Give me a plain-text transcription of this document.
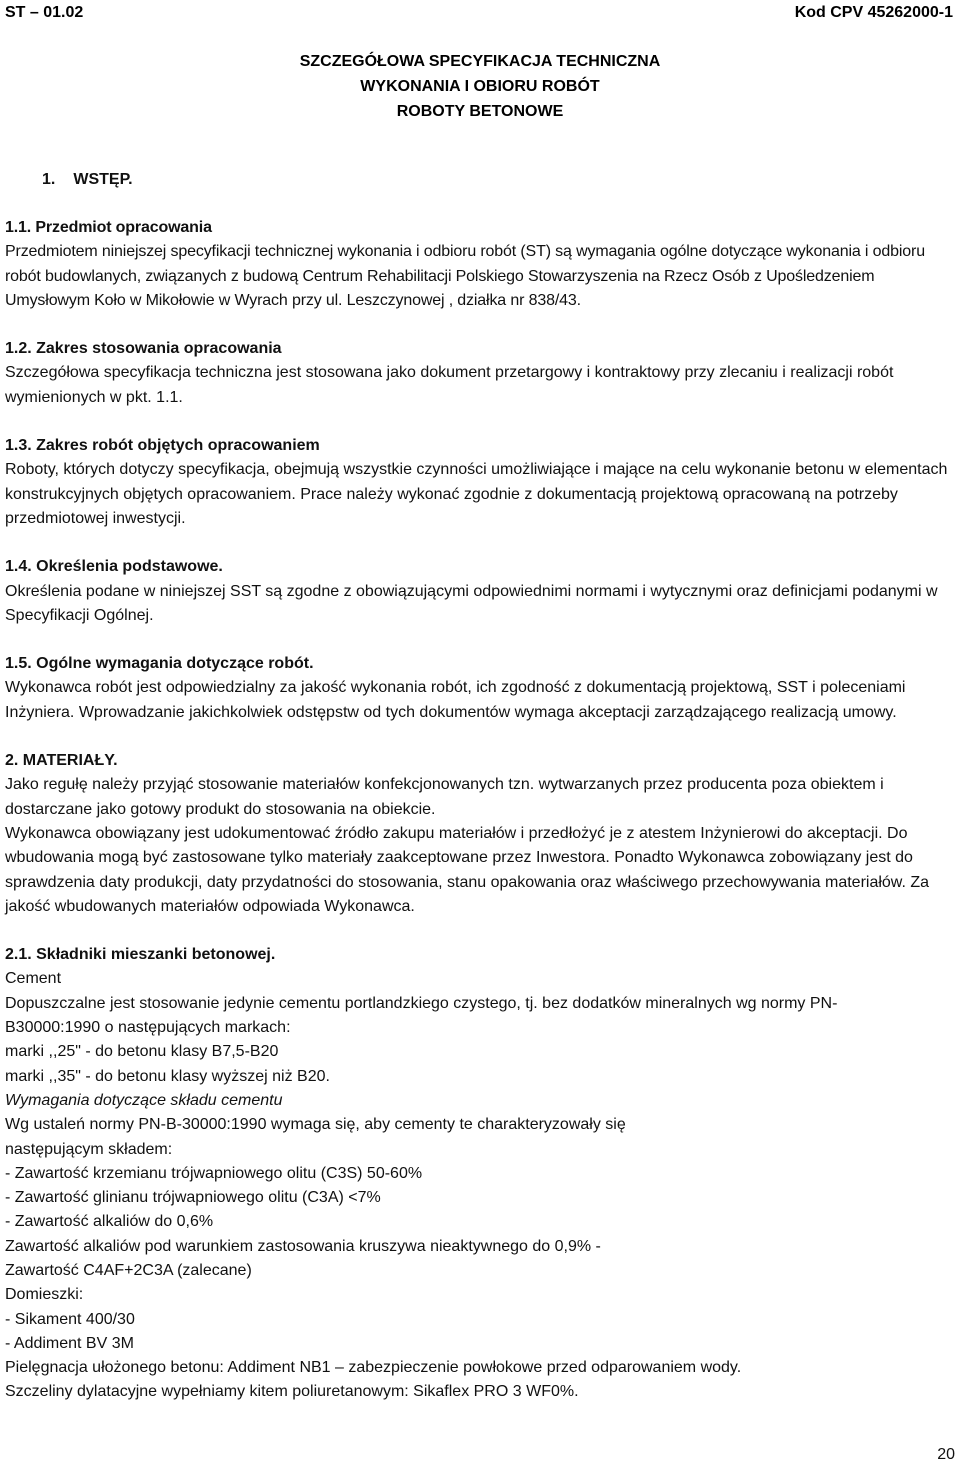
ST – 01.02	Kod CPV 45262000-1
SZCZEGÓŁOWA SPECYFIKACJA TECHNICZNA
WYKONANIA I OBIORU ROBÓT
ROBOTY BETONOWE
1. WSTĘP.
1.1. Przedmiot opracowania

Przedmiotem niniejszej specyfikacji technicznej wykonania i odbioru robót (ST) są wymagania ogólne dotyczące wykonania i odbioru robót budowlanych, związanych z budową Centrum Rehabilitacji Polskiego Stowarzyszenia na Rzecz Osób z Upośledzeniem Umysłowym Koło w Mikołowie w Wyrach przy ul. Leszczynowej , działka nr 838/43.

1.2. Zakres stosowania opracowania

Szczegółowa specyfikacja techniczna jest stosowana jako dokument przetargowy i kontraktowy przy zlecaniu i realizacji robót wymienionych w pkt. 1.1.

1.3. Zakres robót objętych opracowaniem

Roboty, których dotyczy specyfikacja, obejmują wszystkie czynności umożliwiające i mające na celu wykonanie betonu w elementach konstrukcyjnych objętych opracowaniem. Prace należy wykonać zgodnie z dokumentacją projektową opracowaną na potrzeby przedmiotowej inwestycji.

1.4. Określenia podstawowe.

Określenia podane w niniejszej SST są zgodne z obowiązującymi odpowiednimi normami i wytycznymi oraz definicjami podanymi w Specyfikacji Ogólnej.

1.5. Ogólne wymagania dotyczące robót.

Wykonawca robót jest odpowiedzialny za jakość wykonania robót, ich zgodność z dokumentacją projektową, SST i poleceniami Inżyniera. Wprowadzanie jakichkolwiek odstępstw od tych dokumentów wymaga akceptacji zarządzającego realizacją umowy.

2. MATERIAŁY.

Jako regułę należy przyjąć stosowanie materiałów konfekcjonowanych tzn. wytwarzanych przez producenta poza obiektem i dostarczane jako gotowy produkt do stosowania na obiekcie.

Wykonawca obowiązany jest udokumentować źródło zakupu materiałów i przedłożyć je z atestem Inżynierowi do akceptacji. Do wbudowania mogą być zastosowane tylko materiały zaakceptowane przez Inwestora. Ponadto Wykonawca zobowiązany jest do sprawdzenia daty produkcji, daty przydatności do stosowania, stanu opakowania oraz właściwego przechowywania materiałów. Za jakość wbudowanych materiałów odpowiada Wykonawca.

2.1. Składniki mieszanki betonowej.
Cement
Dopuszczalne jest stosowanie jedynie cementu portlandzkiego czystego, tj. bez dodatków mineralnych wg normy PN-
B30000:1990 o następujących markach:
marki ,,25" - do betonu klasy B7,5-B20
marki ,,35" - do betonu klasy wyższej niż B20.
Wymagania dotyczące składu cementu
Wg ustaleń normy PN-B-30000:1990 wymaga się, aby cementy te charakteryzowały się
następującym składem:
- Zawartość krzemianu trójwapniowego olitu (C3S) 50-60%
- Zawartość glinianu trójwapniowego olitu (C3A) <7%
- Zawartość alkaliów do 0,6%
Zawartość alkaliów pod warunkiem zastosowania kruszywa nieaktywnego do 0,9% -
Zawartość C4AF+2C3A (zalecane)
Domieszki:
- Sikament 400/30
- Addiment BV 3M
Pielęgnacja ułożonego betonu: Addiment NB1 – zabezpieczenie powłokowe przed odparowaniem wody.
Szczeliny dylatacyjne wypełniamy kitem poliuretanowym: Sikaflex PRO 3 WF0%.
20
